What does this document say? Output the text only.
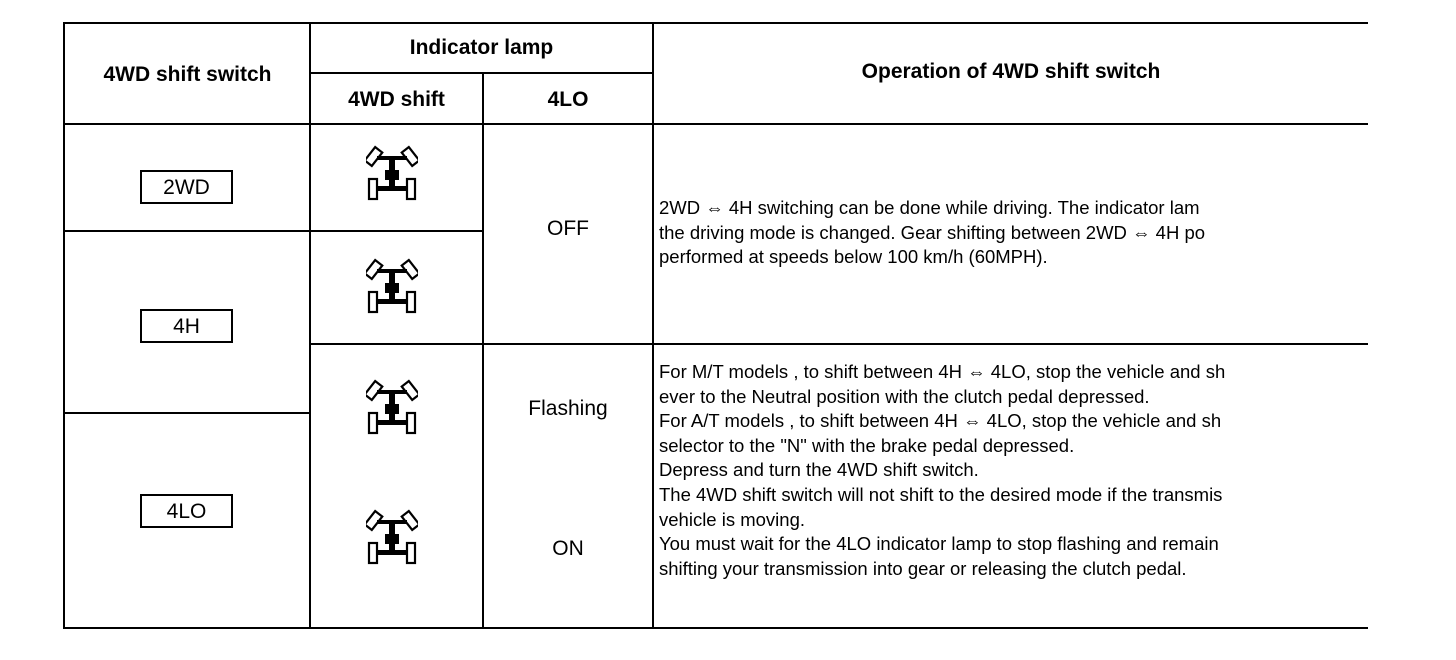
4WD shift switch
Indicator lamp
4WD shift	4LO
Operation of 4WD shift switch
2WD
4H
4LO
OFF
Flashing
ON
2WD ⇔ 4H switching can be done while driving. The indicator lam
the driving mode is changed. Gear shifting between 2WD ⇔ 4H po
performed at speeds below 100 km/h (60MPH).
For M/T models , to shift between 4H ⇔ 4LO, stop the vehicle and sh
ever to the Neutral position with the clutch pedal depressed.
For A/T models , to shift between 4H ⇔ 4LO, stop the vehicle and sh
selector to the "N" with the brake pedal depressed.
Depress and turn the 4WD shift switch.
The 4WD shift switch will not shift to the desired mode if the transmis
vehicle is moving.
You must wait for the 4LO indicator lamp to stop flashing and remain
shifting your transmission into gear or releasing the clutch pedal.
